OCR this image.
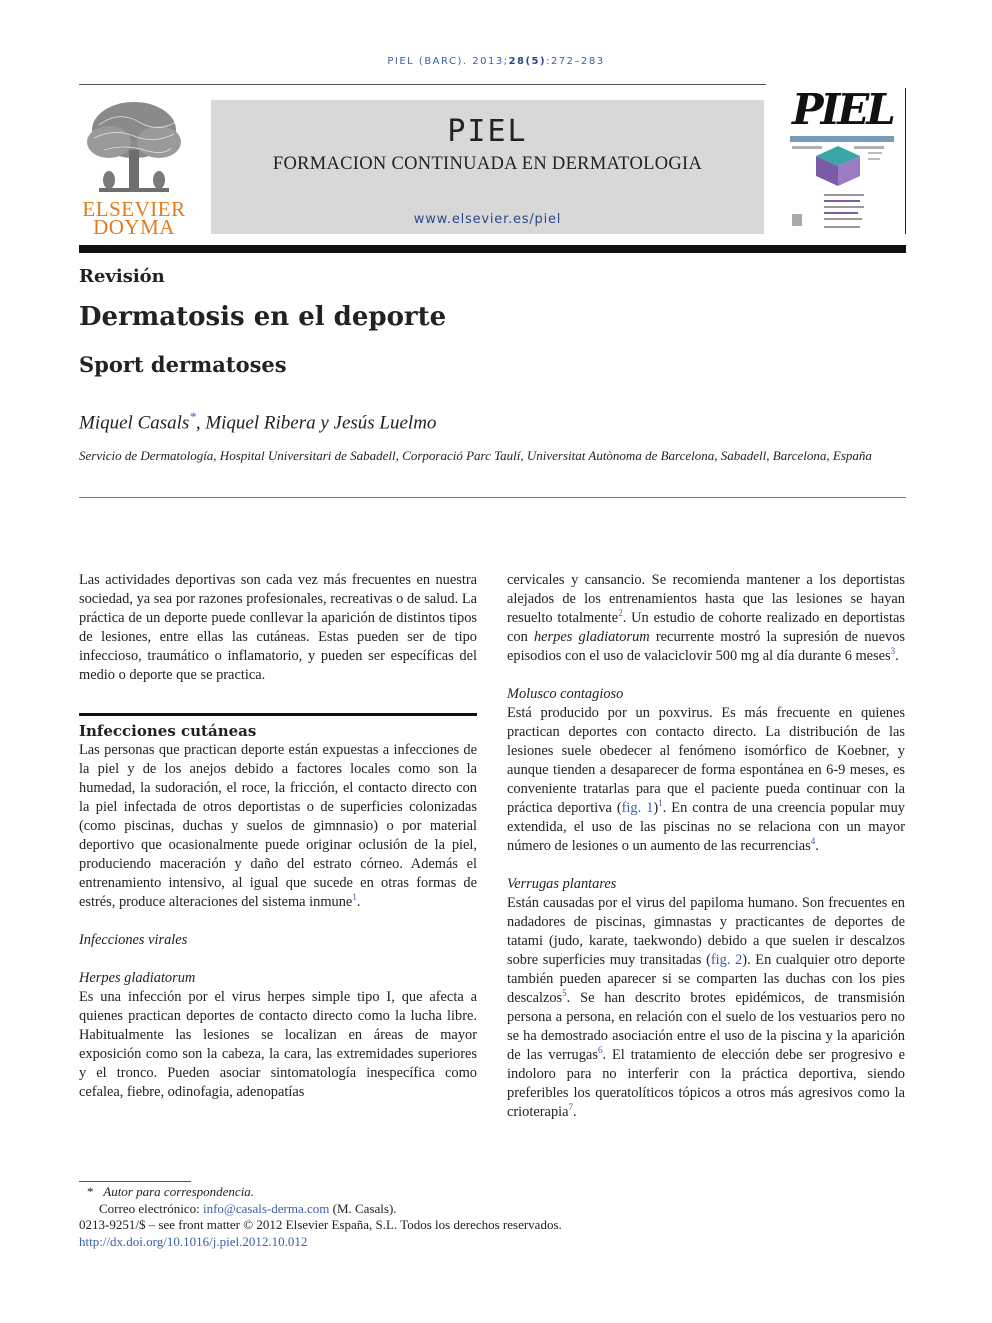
PIEL (BARC). 2013;28(5):272–283
ELSEVIER
DOYMA
PIEL
FORMACION CONTINUADA EN DERMATOLOGIA
www.elsevier.es/piel
PIEL
Revisión
Dermatosis en el deporte
Sport dermatoses
Miquel Casals*, Miquel Ribera y Jesús Luelmo
Servicio de Dermatología, Hospital Universitari de Sabadell, Corporació Parc Taulí, Universitat Autònoma de Barcelona, Sabadell, Barcelona, España

Las actividades deportivas son cada vez más frecuentes en nuestra sociedad, ya sea por razones profesionales, recreativas o de salud. La práctica de un deporte puede conllevar la aparición de distintos tipos de lesiones, entre ellas las cutáneas. Estas pueden ser de tipo infeccioso, traumático o inflamatorio, y pueden ser específicas del medio o deporte que se practica.

Infecciones cutáneas

Las personas que practican deporte están expuestas a infecciones de la piel y de los anejos debido a factores locales como son la humedad, la sudoración, el roce, la fricción, el contacto directo con la piel infectada de otros deportistas o de superficies colonizadas (como piscinas, duchas y suelos de gimnnasio) o por material deportivo que ocasionalmente puede originar oclusión de la piel, produciendo maceración y daño del estrato córneo. Además el entrenamiento intensivo, al igual que sucede en otras formas de estrés, produce alteraciones del sistema inmune$^1$.

Infecciones virales

Herpes gladiatorum

Es una infección por el virus herpes simple tipo I, que afecta a quienes practican deportes de contacto directo como la lucha libre. Habitualmente las lesiones se localizan en áreas de mayor exposición como son la cabeza, la cara, las extremidades superiores y el tronco. Pueden asociar sintomatología inespecífica como cefalea, fiebre, odinofagia, adenopatías

cervicales y cansancio. Se recomienda mantener a los deportistas alejados de los entrenamientos hasta que las lesiones se hayan resuelto totalmente$^2$. Un estudio de cohorte realizado en deportistas con herpes gladiatorum recurrente mostró la supresión de nuevos episodios con el uso de valaciclovir 500 mg al día durante 6 meses$^3$.

Molusco contagioso

Está producido por un poxvirus. Es más frecuente en quienes practican deportes con contacto directo. La distribución de las lesiones suele obedecer al fenómeno isomórfico de Koebner, y aunque tienden a desaparecer de forma espontánea en 6-9 meses, es conveniente tratarlas para que el paciente pueda continuar con la práctica deportiva (fig. 1)$^1$. En contra de una creencia popular muy extendida, el uso de las piscinas no se relaciona con un mayor número de lesiones o un aumento de las recurrencias$^4$.

Verrugas plantares

Están causadas por el virus del papiloma humano. Son frecuentes en nadadores de piscinas, gimnastas y practicantes de deportes de tatami (judo, karate, taekwondo) debido a que suelen ir descalzos sobre superficies muy transitadas (fig. 2). En cualquier otro deporte también pueden aparecer si se comparten las duchas con los pies descalzos$^5$. Se han descrito brotes epidémicos, de transmisión persona a persona, en relación con el suelo de los vestuarios pero no se ha demostrado asociación entre el uso de la piscina y la aparición de las verrugas$^6$. El tratamiento de elección debe ser progresivo e indoloro para no interferir con la práctica deportiva, siendo preferibles los queratolíticos tópicos a otros más agresivos como la crioterapia$^7$.

* Autor para correspondencia.
Correo electrónico: info@casals-derma.com (M. Casals).
0213-9251/$ – see front matter © 2012 Elsevier España, S.L. Todos los derechos reservados.
http://dx.doi.org/10.1016/j.piel.2012.10.012
